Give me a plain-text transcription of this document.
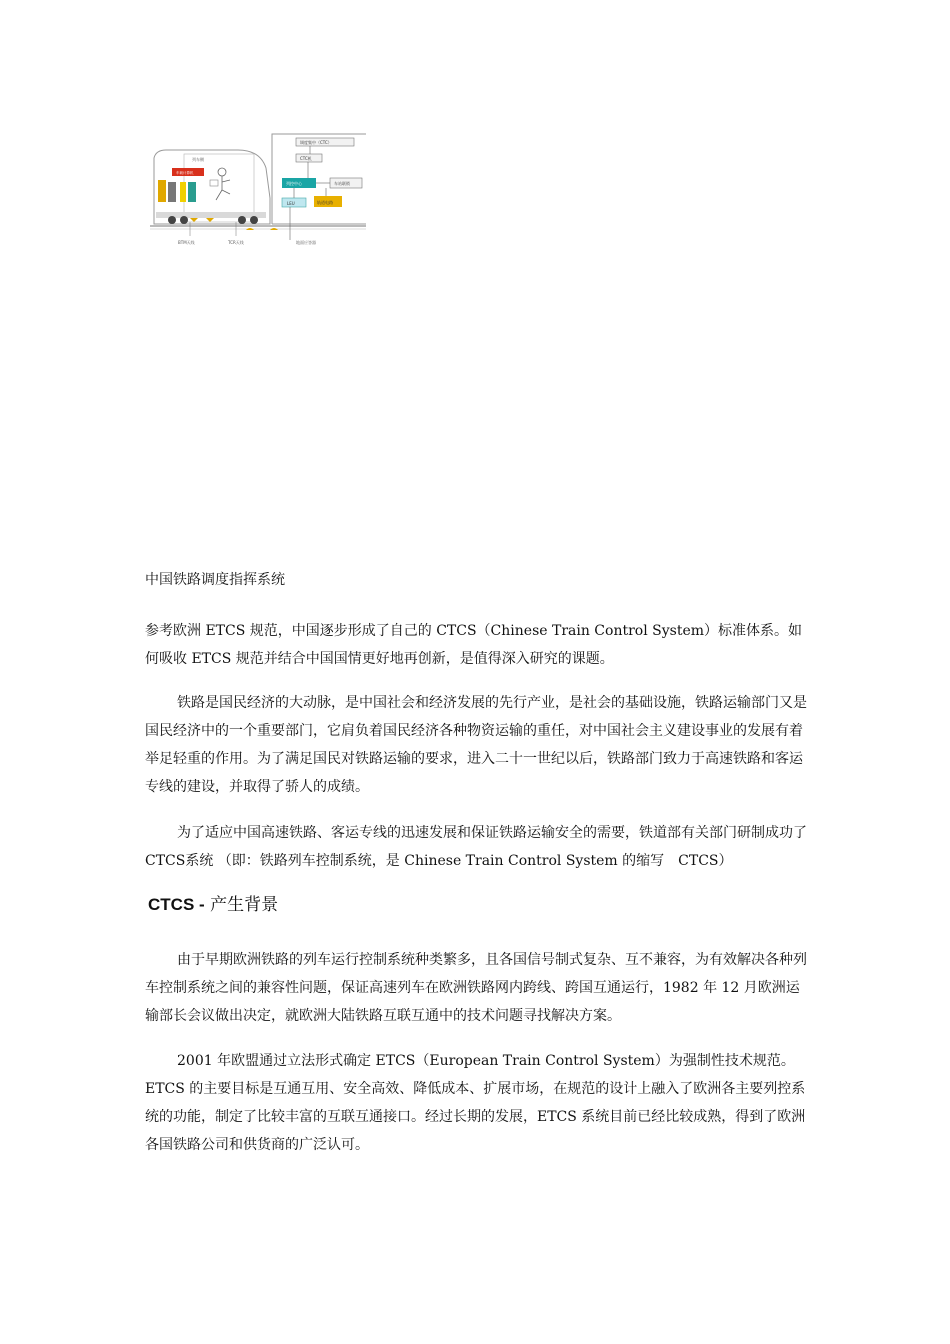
列车侧
车载计算机
调度集中（CTC）
CTC机
列控中心	车站联锁
LEU	轨道电路
BTM天线	TCR天线	地面应答器
中国铁路调度指挥系统

参考欧洲 ETCS 规范，中国逐步形成了自己的 CTCS（Chinese Train Control System）标准体系。如何吸收 ETCS 规范并结合中国国情更好地再创新，是值得深入研究的课题。

铁路是国民经济的大动脉，是中国社会和经济发展的先行产业，是社会的基础设施，铁路运输部门又是国民经济中的一个重要部门，它肩负着国民经济各种物资运输的重任，对中国社会主义建设事业的发展有着举足轻重的作用。为了满足国民对铁路运输的要求，进入二十一世纪以后，铁路部门致力于高速铁路和客运专线的建设，并取得了骄人的成绩。

为了适应中国高速铁路、客运专线的迅速发展和保证铁路运输安全的需要，铁道部有关部门研制成功了　CTCS系统 （即：铁路列车控制系统，是 Chinese Train Control System 的缩写　CTCS）

CTCS - 产生背景

由于早期欧洲铁路的列车运行控制系统种类繁多，且各国信号制式复杂、互不兼容，为有效解决各种列车控制系统之间的兼容性问题，保证高速列车在欧洲铁路网内跨线、跨国互通运行，1982 年 12 月欧洲运输部长会议做出决定，就欧洲大陆铁路互联互通中的技术问题寻找解决方案。

2001 年欧盟通过立法形式确定 ETCS（European Train Control System）为强制性技术规范。ETCS 的主要目标是互通互用、安全高效、降低成本、扩展市场，在规范的设计上融入了欧洲各主要列控系统的功能，制定了比较丰富的互联互通接口。经过长期的发展，ETCS 系统目前已经比较成熟，得到了欧洲各国铁路公司和供货商的广泛认可。
